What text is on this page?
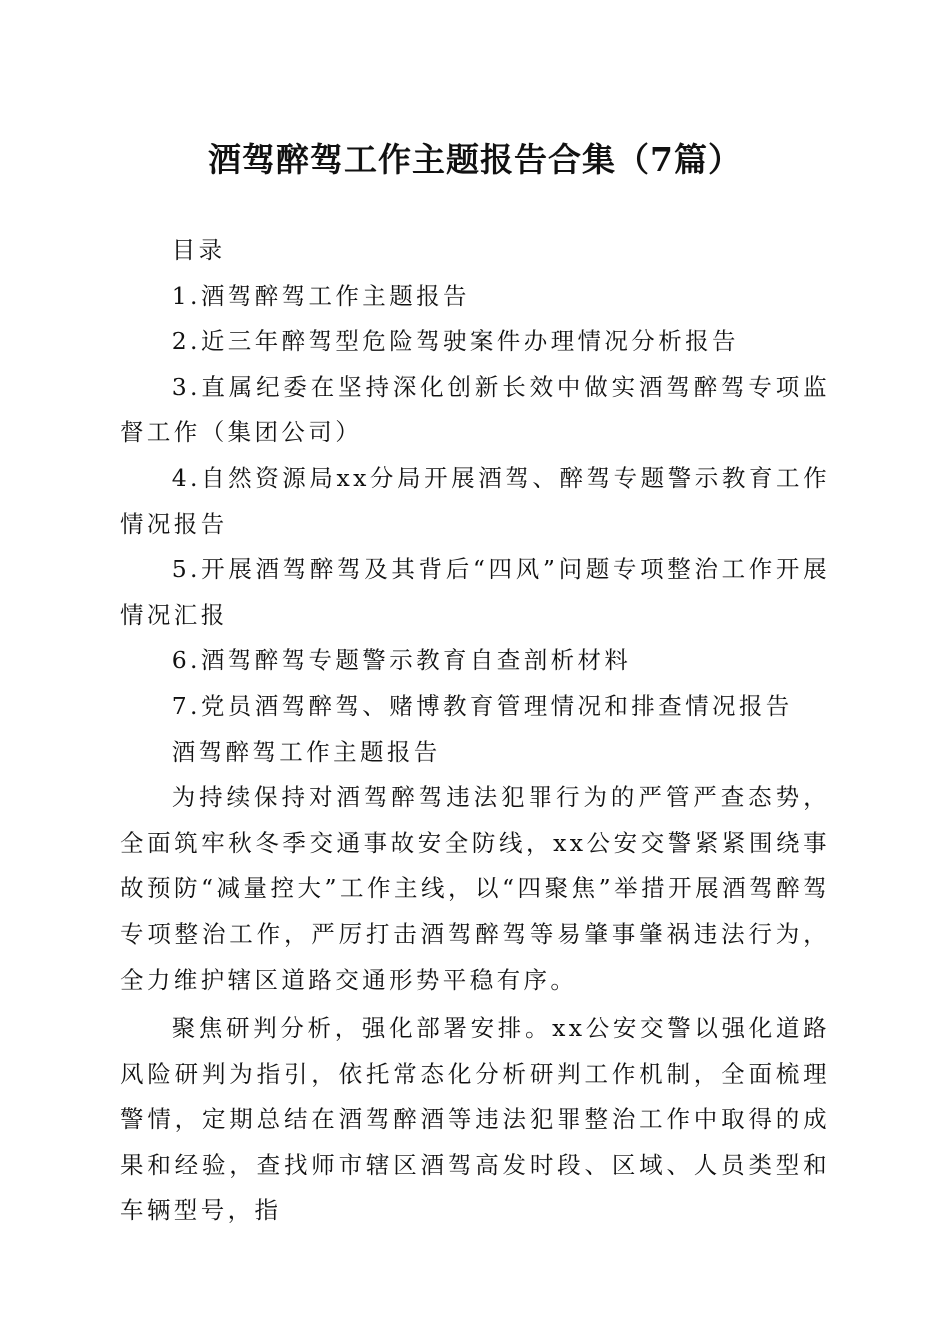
酒驾醉驾工作主题报告合集（7篇）

目录

1.酒驾醉驾工作主题报告

2.近三年醉驾型危险驾驶案件办理情况分析报告

3.直属纪委在坚持深化创新长效中做实酒驾醉驾专项监督工作（集团公司）

4.自然资源局xx分局开展酒驾、醉驾专题警示教育工作情况报告

5.开展酒驾醉驾及其背后“四风”问题专项整治工作开展情况汇报

6.酒驾醉驾专题警示教育自查剖析材料

7.党员酒驾醉驾、赌博教育管理情况和排查情况报告

酒驾醉驾工作主题报告

为持续保持对酒驾醉驾违法犯罪行为的严管严查态势，全面筑牢秋冬季交通事故安全防线，xx公安交警紧紧围绕事故预防“减量控大”工作主线，以“四聚焦”举措开展酒驾醉驾专项整治工作，严厉打击酒驾醉驾等易肇事肇祸违法行为，全力维护辖区道路交通形势平稳有序。

聚焦研判分析，强化部署安排。xx公安交警以强化道路风险研判为指引，依托常态化分析研判工作机制，全面梳理警情，定期总结在酒驾醉酒等违法犯罪整治工作中取得的成果和经验，查找师市辖区酒驾高发时段、区域、人员类型和车辆型号，指
